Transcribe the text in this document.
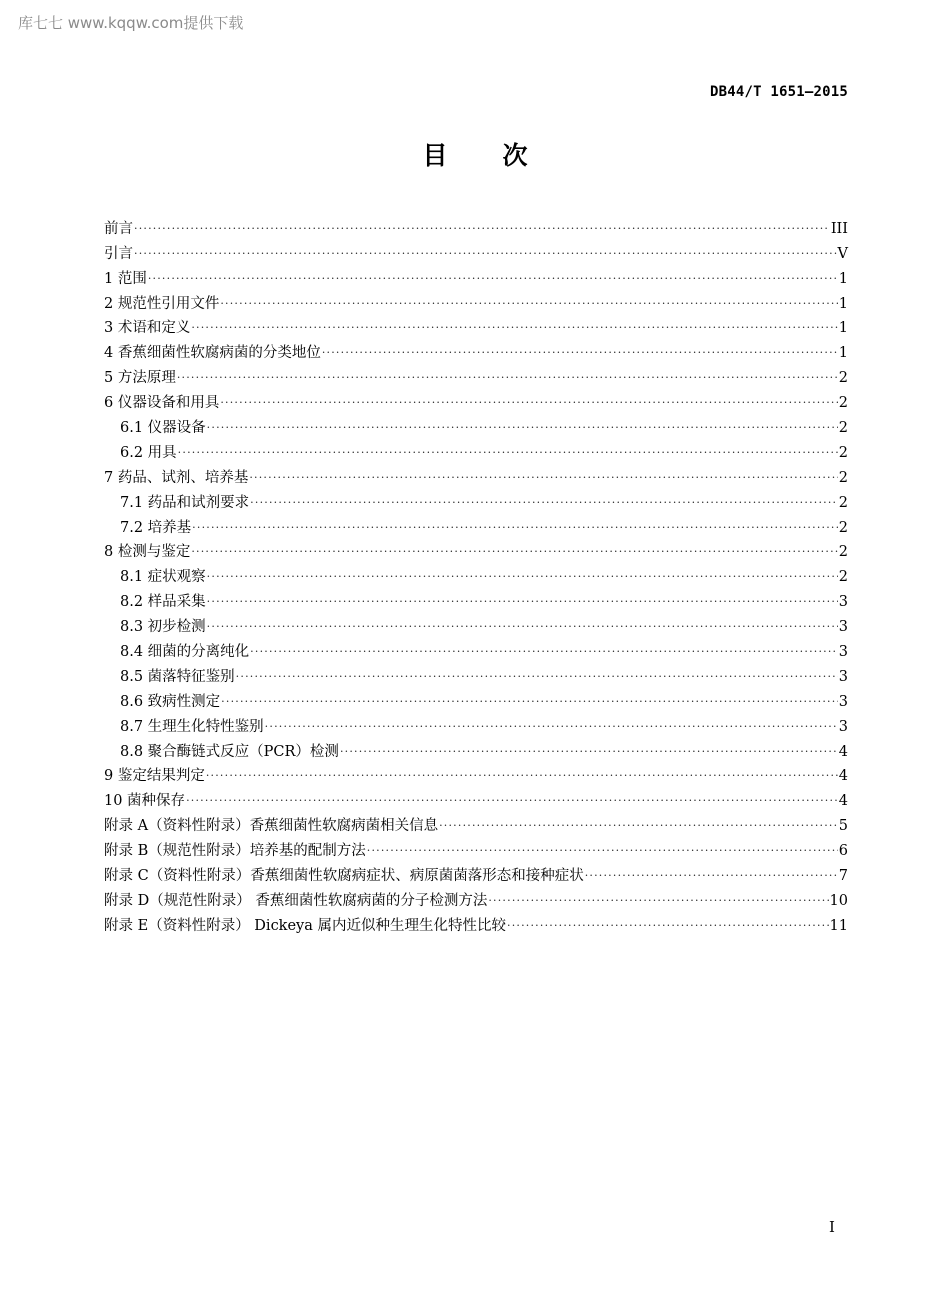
库七七 www.kqqw.com提供下载
DB44/T 1651—2015
目 次
前言 ·····	III
引言 ·····	V
1 范围 ·····	1
2 规范性引用文件 ·····	1
3 术语和定义 ·····	1
4 香蕉细菌性软腐病菌的分类地位 ·····	1
5 方法原理 ·····	2
6 仪器设备和用具 ·····	2
6.1 仪器设备 ·····	2
6.2 用具 ·····	2
7 药品、试剂、培养基 ·····	2
7.1 药品和试剂要求 ·····	2
7.2 培养基 ·····	2
8 检测与鉴定 ·····	2
8.1 症状观察 ·····	2
8.2 样品采集 ·····	3
8.3 初步检测 ·····	3
8.4 细菌的分离纯化 ·····	3
8.5 菌落特征鉴别 ·····	3
8.6 致病性测定 ·····	3
8.7 生理生化特性鉴别 ·····	3
8.8 聚合酶链式反应（PCR）检测 ·····	4
9 鉴定结果判定 ·····	4
10 菌种保存 ·····	4
附录 A（资料性附录）香蕉细菌性软腐病菌相关信息 ·····	5
附录 B（规范性附录）培养基的配制方法 ·····	6
附录 C（资料性附录）香蕉细菌性软腐病症状、病原菌菌落形态和接种症状 ·····	7
附录 D（规范性附录） 香蕉细菌性软腐病菌的分子检测方法 ·····	10
附录 E（资料性附录） Dickeya 属内近似种生理生化特性比较 ·····	11
I
